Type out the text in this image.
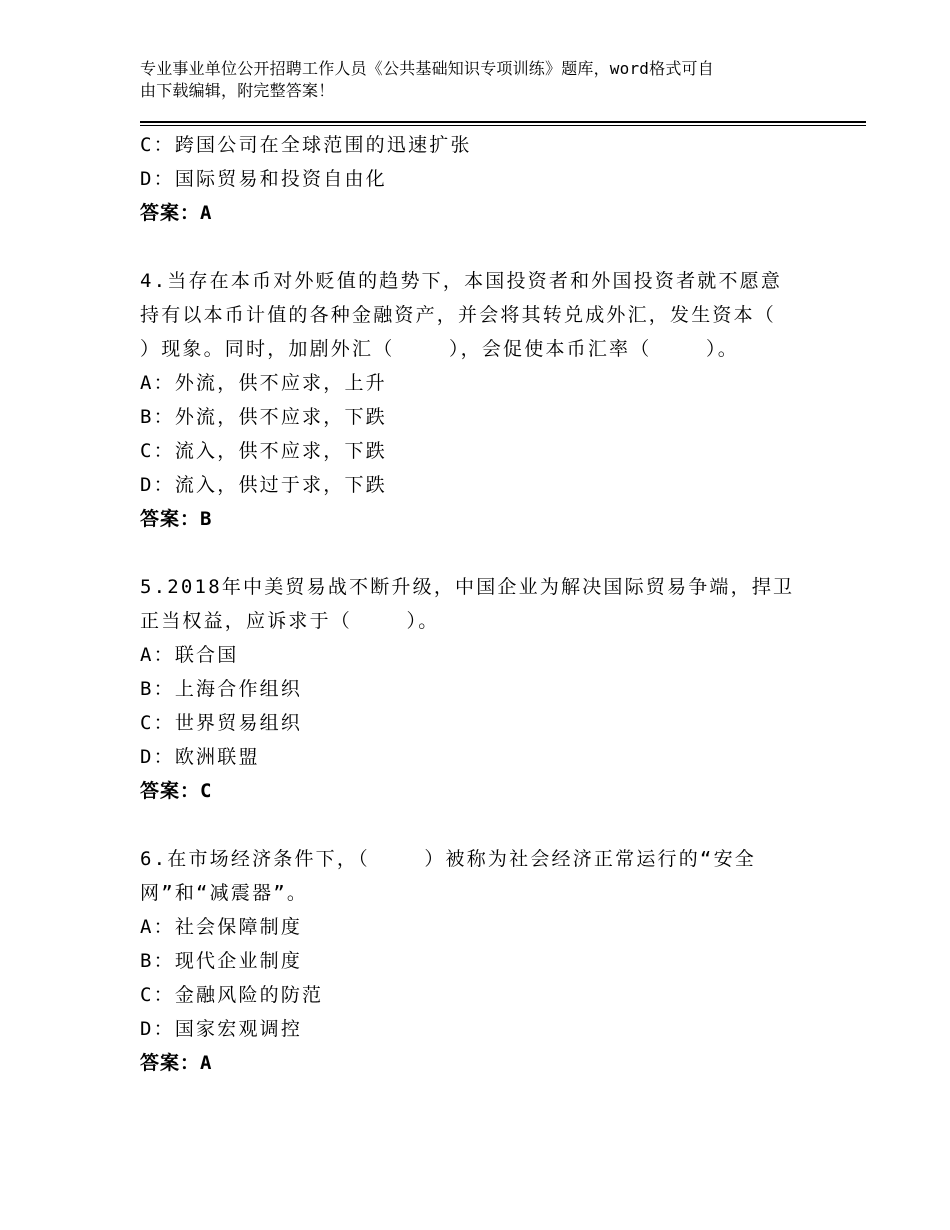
专业事业单位公开招聘工作人员《公共基础知识专项训练》题库，word格式可自
由下载编辑，附完整答案！
C：跨国公司在全球范围的迅速扩张
D：国际贸易和投资自由化
答案：A
4.当存在本币对外贬值的趋势下，本国投资者和外国投资者就不愿意
持有以本币计值的各种金融资产，并会将其转兑成外汇，发生资本（
）现象。同时，加剧外汇（    ），会促使本币汇率（    ）。
A：外流，供不应求，上升
B：外流，供不应求，下跌
C：流入，供不应求，下跌
D：流入，供过于求，下跌
答案：B
5.2018年中美贸易战不断升级，中国企业为解决国际贸易争端，捍卫
正当权益，应诉求于（    ）。
A：联合国
B：上海合作组织
C：世界贸易组织
D：欧洲联盟
答案：C
6.在市场经济条件下，（    ）被称为社会经济正常运行的“安全
网”和“减震器”。
A：社会保障制度
B：现代企业制度
C：金融风险的防范
D：国家宏观调控
答案：A
